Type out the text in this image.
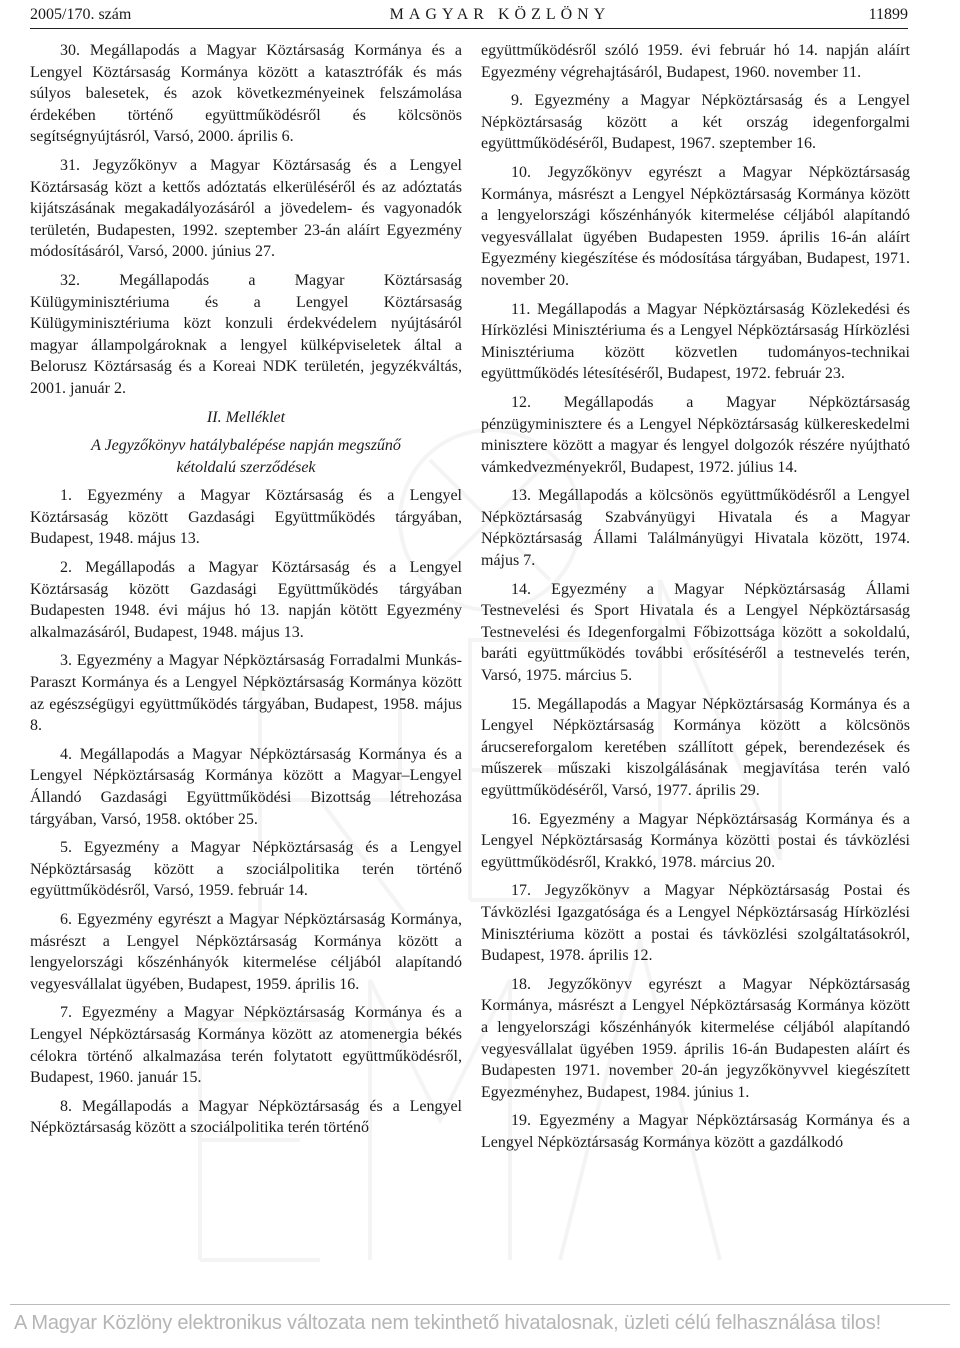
2005/170. szám	MAGYAR KÖZLÖNY	11899

30. Megállapodás a Magyar Köztársaság Kormánya és a Lengyel Köztársaság Kormánya között a katasztrófák és más súlyos balesetek, és azok következményeinek felszámolása érdekében történő együttműködésről és kölcsönös segítségnyújtásról, Varsó, 2000. április 6.

31. Jegyzőkönyv a Magyar Köztársaság és a Lengyel Köztársaság közt a kettős adóztatás elkerüléséről és az adóztatás kijátszásának megakadályozásáról a jövedelem- és vagyonadók területén, Budapesten, 1992. szeptember 23-án aláírt Egyezmény módosításáról, Varsó, 2000. június 27.

32. Megállapodás a Magyar Köztársaság Külügyminisztériuma és a Lengyel Köztársaság Külügyminisztériuma közt konzuli érdekvédelem nyújtásáról magyar állampolgároknak a lengyel külképviseletek által a Belorusz Köztársaság és a Koreai NDK területén, jegyzékváltás, 2001. január 2.

II. Melléklet

A Jegyzőkönyv hatálybalépése napján megszűnő
kétoldalú szerződések

1. Egyezmény a Magyar Köztársaság és a Lengyel Köztársaság között Gazdasági Együttműködés tárgyában, Budapest, 1948. május 13.

2. Megállapodás a Magyar Köztársaság és a Lengyel Köztársaság között Gazdasági Együttműködés tárgyában Budapesten 1948. évi május hó 13. napján kötött Egyezmény alkalmazásáról, Budapest, 1948. május 13.

3. Egyezmény a Magyar Népköztársaság Forradalmi Munkás-Paraszt Kormánya és a Lengyel Népköztársaság Kormánya között az egészségügyi együttműködés tárgyában, Budapest, 1958. május 8.

4. Megállapodás a Magyar Népköztársaság Kormánya és a Lengyel Népköztársaság Kormánya között a Magyar–Lengyel Állandó Gazdasági Együttműködési Bizottság létrehozása tárgyában, Varsó, 1958. október 25.

5. Egyezmény a Magyar Népköztársaság és a Lengyel Népköztársaság között a szociálpolitika terén történő együttműködésről, Varsó, 1959. február 14.

6. Egyezmény egyrészt a Magyar Népköztársaság Kormánya, másrészt a Lengyel Népköztársaság Kormánya között a lengyelországi kőszénhányók kitermelése céljából alapítandó vegyesvállalat ügyében, Budapest, 1959. április 16.

7. Egyezmény a Magyar Népköztársaság Kormánya és a Lengyel Népköztársaság Kormánya között az atomenergia békés célokra történő alkalmazása terén folytatott együttműködésről, Budapest, 1960. január 15.

8. Megállapodás a Magyar Népköztársaság és a Lengyel Népköztársaság között a szociálpolitika terén történő

együttműködésről szóló 1959. évi február hó 14. napján aláírt Egyezmény végrehajtásáról, Budapest, 1960. november 11.

9. Egyezmény a Magyar Népköztársaság és a Lengyel Népköztársaság között a két ország idegenforgalmi együttműködéséről, Budapest, 1967. szeptember 16.

10. Jegyzőkönyv egyrészt a Magyar Népköztársaság Kormánya, másrészt a Lengyel Népköztársaság Kormánya között a lengyelországi kőszénhányók kitermelése céljából alapítandó vegyesvállalat ügyében Budapesten 1959. április 16-án aláírt Egyezmény kiegészítése és módosítása tárgyában, Budapest, 1971. november 20.

11. Megállapodás a Magyar Népköztársaság Közlekedési és Hírközlési Minisztériuma és a Lengyel Népköztársaság Hírközlési Minisztériuma között közvetlen tudományos-technikai együttműködés létesítéséről, Budapest, 1972. február 23.

12. Megállapodás a Magyar Népköztársaság pénzügyminisztere és a Lengyel Népköztársaság külkereskedelmi minisztere között a magyar és lengyel dolgozók részére nyújtható vámkedvezményekről, Budapest, 1972. július 14.

13. Megállapodás a kölcsönös együttműködésről a Lengyel Népköztársaság Szabványügyi Hivatala és a Magyar Népköztársaság Állami Találmányügyi Hivatala között, 1974. május 7.

14. Egyezmény a Magyar Népköztársaság Állami Testnevelési és Sport Hivatala és a Lengyel Népköztársaság Testnevelési és Idegenforgalmi Főbizottsága között a sokoldalú, baráti együttműködés további erősítéséről a testnevelés terén, Varsó, 1975. március 5.

15. Megállapodás a Magyar Népköztársaság Kormánya és a Lengyel Népköztársaság Kormánya között a kölcsönös árucsereforgalom keretében szállított gépek, berendezések és műszerek műszaki kiszolgálásának megjavítása terén való együttműködéséről, Varsó, 1977. április 29.

16. Egyezmény a Magyar Népköztársaság Kormánya és a Lengyel Népköztársaság Kormánya közötti postai és távközlési együttműködésről, Krakkó, 1978. március 20.

17. Jegyzőkönyv a Magyar Népköztársaság Postai és Távközlési Igazgatósága és a Lengyel Népköztársaság Hírközlési Minisztériuma között a postai és távközlési szolgáltatásokról, Budapest, 1978. április 12.

18. Jegyzőkönyv egyrészt a Magyar Népköztársaság Kormánya, másrészt a Lengyel Népköztársaság Kormánya között a lengyelországi kőszénhányók kitermelése céljából alapítandó vegyesvállalat ügyében 1959. április 16-án Budapesten aláírt és Budapesten 1971. november 20-án jegyzőkönyvvel kiegészített Egyezményhez, Budapest, 1984. június 1.

19. Egyezmény a Magyar Népköztársaság Kormánya és a Lengyel Népköztársaság Kormánya között a gazdálkodó

A Magyar Közlöny elektronikus változata nem tekinthető hivatalosnak, üzleti célú felhasználása tilos!
